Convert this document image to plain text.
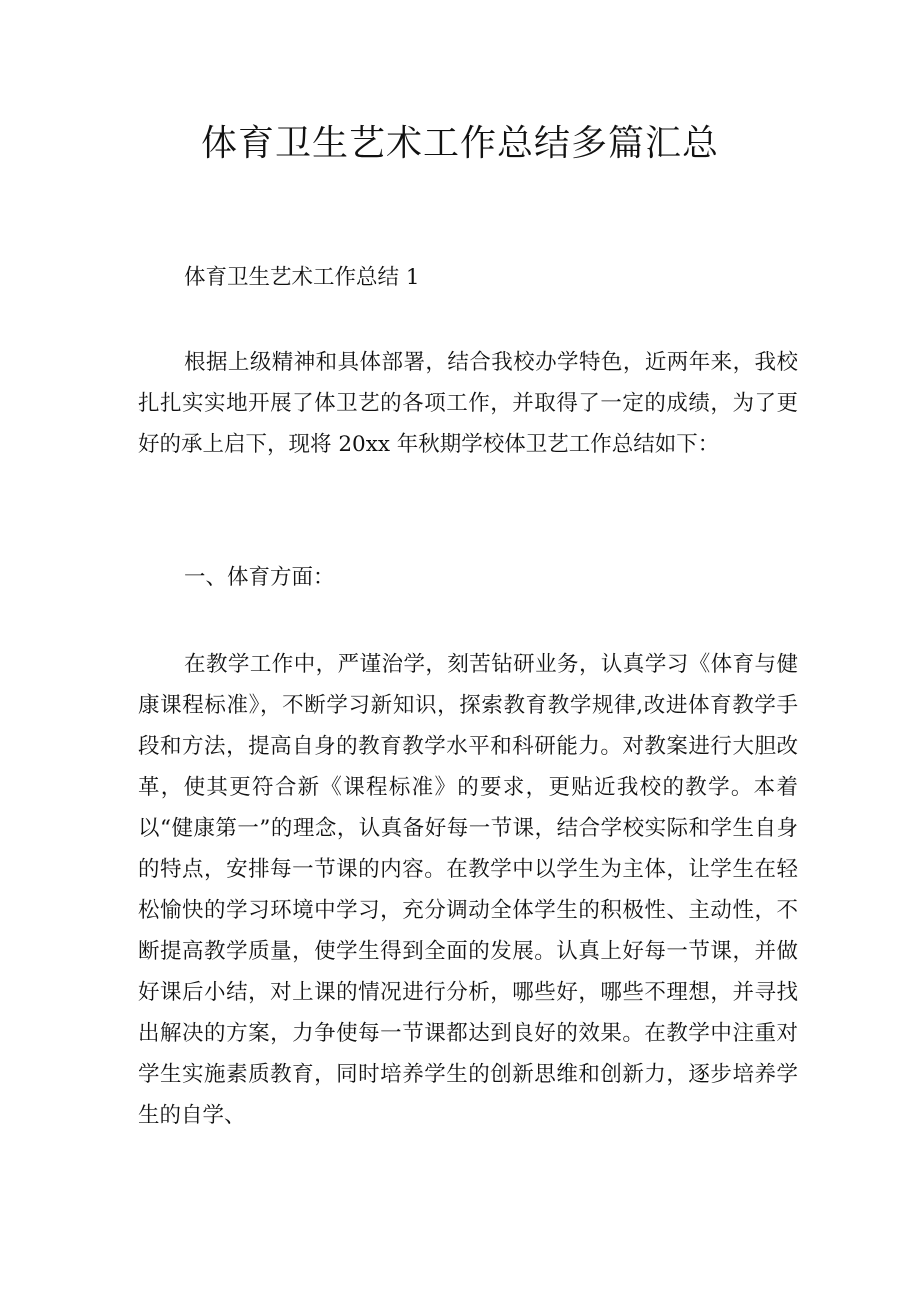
体育卫生艺术工作总结多篇汇总

体育卫生艺术工作总结 1

根据上级精神和具体部署，结合我校办学特色，近两年来，我校扎扎实实地开展了体卫艺的各项工作，并取得了一定的成绩，为了更好的承上启下，现将 20xx 年秋期学校体卫艺工作总结如下：

一、体育方面：

在教学工作中，严谨治学，刻苦钻研业务，认真学习《体育与健康课程标准》，不断学习新知识，探索教育教学规律,改进体育教学手段和方法，提高自身的教育教学水平和科研能力。对教案进行大胆改革，使其更符合新《课程标准》的要求，更贴近我校的教学。本着以“健康第一”的理念，认真备好每一节课，结合学校实际和学生自身的特点，安排每一节课的内容。在教学中以学生为主体，让学生在轻松愉快的学习环境中学习，充分调动全体学生的积极性、主动性，不断提高教学质量，使学生得到全面的发展。认真上好每一节课，并做好课后小结，对上课的情况进行分析，哪些好，哪些不理想，并寻找出解决的方案，力争使每一节课都达到良好的效果。在教学中注重对学生实施素质教育，同时培养学生的创新思维和创新力，逐步培养学生的自学、
